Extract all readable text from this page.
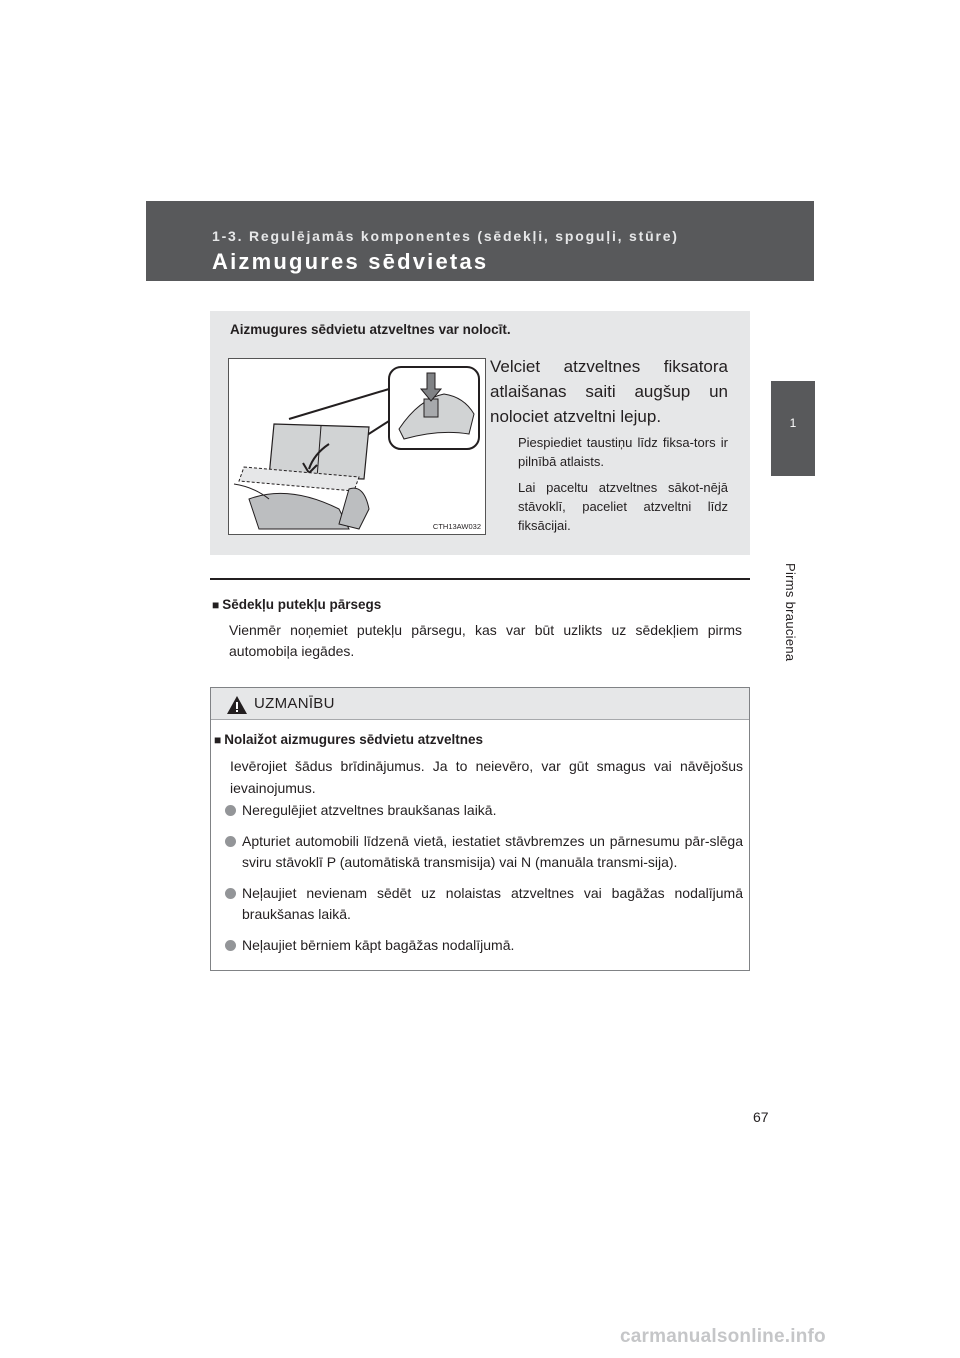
1-3. Regulējamās komponentes (sēdekļi, spoguļi, stūre)
Aizmugures sēdvietas
1
Pirms brauciena
Aizmugures sēdvietu atzveltnes var nolocīt.
CTH13AW032
Velciet atzveltnes fiksatora atlaišanas saiti augšup un nolociet atzveltni lejup.
Piespiediet taustiņu līdz fiksa-tors ir pilnībā atlaists.
Lai paceltu atzveltnes sākot-nējā stāvoklī, paceliet atzveltni līdz fiksācijai.
■ Sēdekļu putekļu pārsegs
Vienmēr noņemiet putekļu pārsegu, kas var būt uzlikts uz sēdekļiem pirms automobiļa iegādes.
UZMANĪBU
■ Nolaižot aizmugures sēdvietu atzveltnes
Ievērojiet šādus brīdinājumus. Ja to neievēro, var gūt smagus vai nāvējošus ievainojumus.
Neregulējiet atzveltnes braukšanas laikā.
Apturiet automobili līdzenā vietā, iestatiet stāvbremzes un pārnesumu pār-slēga sviru stāvoklī P (automātiskā transmisija) vai N (manuāla transmi-sija).
Neļaujiet nevienam sēdēt uz nolaistas atzveltnes vai bagāžas nodalījumā braukšanas laikā.
Neļaujiet bērniem kāpt bagāžas nodalījumā.
67
carmanualsonline.info
